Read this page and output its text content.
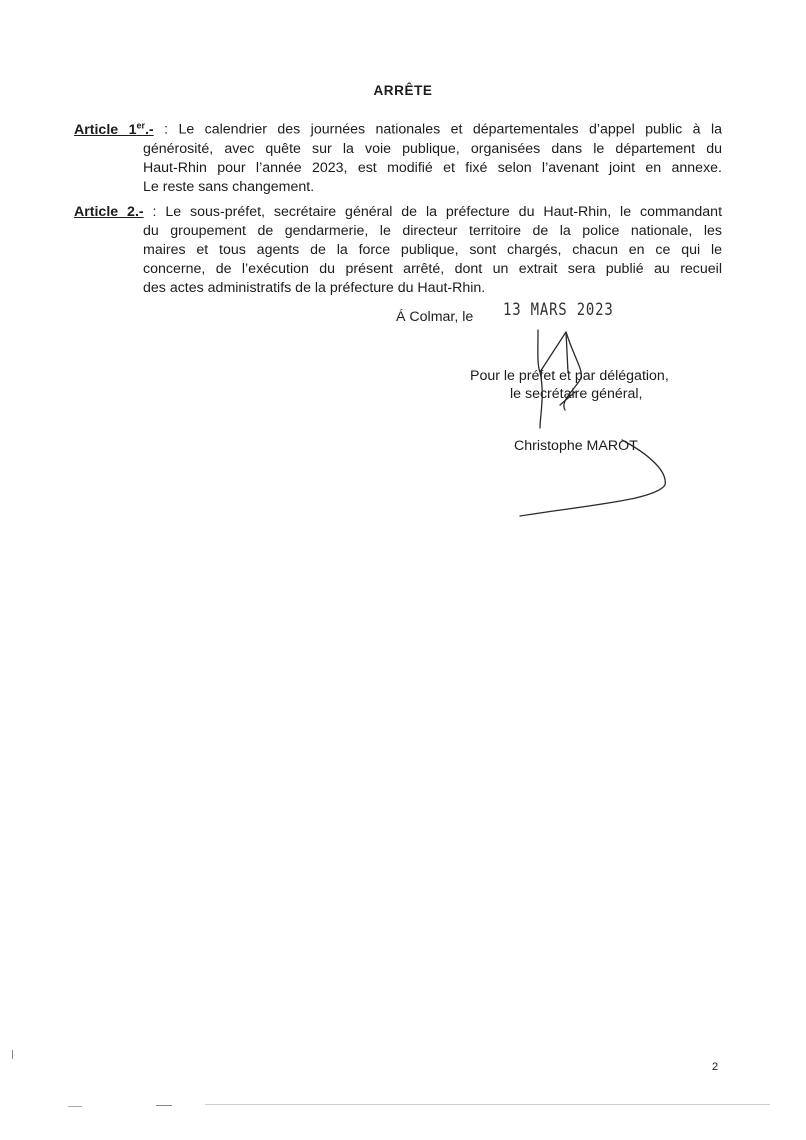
ARRÊTE
Article 1er.- : Le calendrier des journées nationales et départementales d’appel public à la
générosité, avec quête sur la voie publique, organisées dans le département du
Haut-Rhin pour l’année 2023, est modifié et fixé selon l’avenant joint en annexe.
Le reste sans changement.
Article 2.- : Le sous-préfet, secrétaire général de la préfecture du Haut-Rhin, le commandant
du groupement de gendarmerie, le directeur territoire de la police nationale, les
maires et tous agents de la force publique, sont chargés, chacun en ce qui le
concerne, de l’exécution du présent arrêté, dont un extrait sera publié au recueil
des actes administratifs de la préfecture du Haut-Rhin.
Á Colmar, le 13 MARS 2023
Pour le préfet et par délégation,
le secrétaire général,
Christophe MAROT
2
